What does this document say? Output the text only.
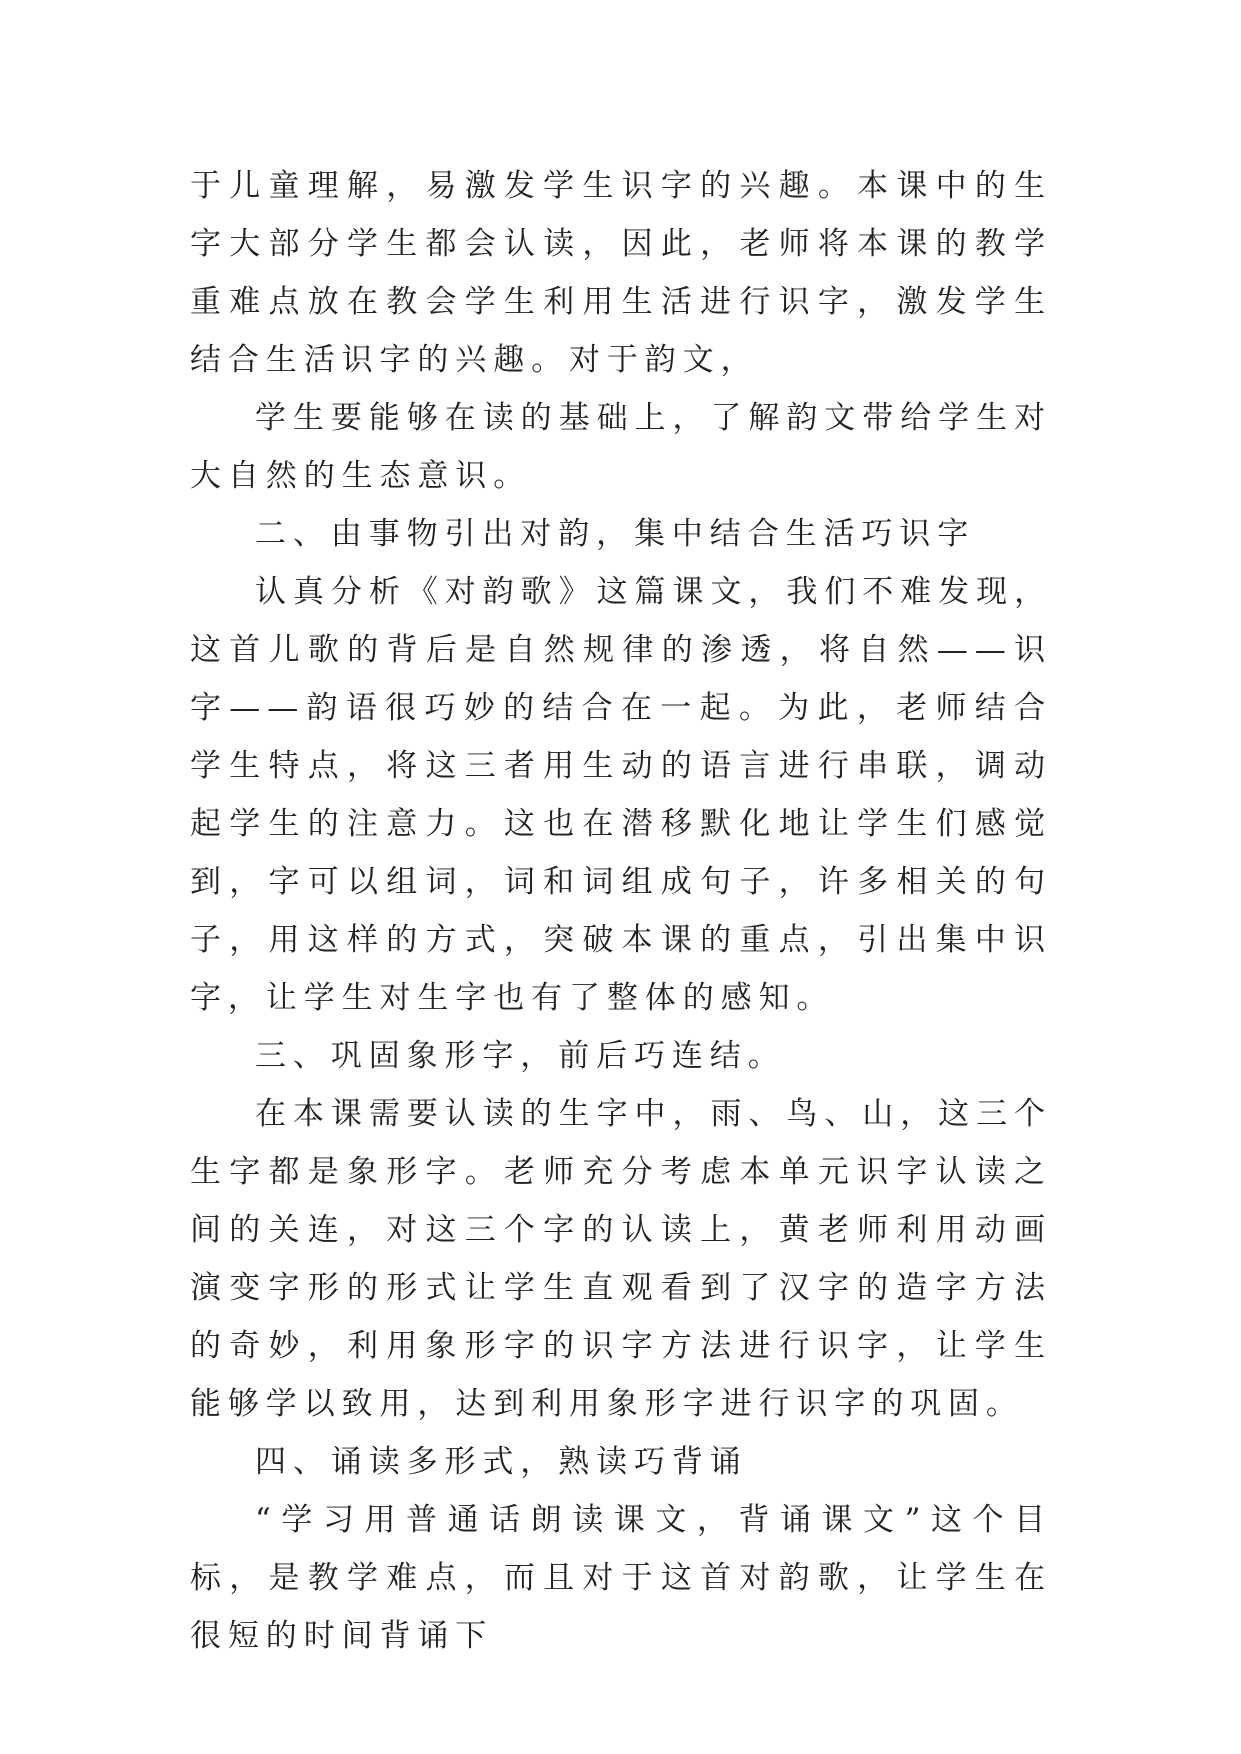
于儿童理解，易激发学生识字的兴趣。本课中的生字大部分学生都会认读，因此，老师将本课的教学重难点放在教会学生利用生活进行识字，激发学生结合生活识字的兴趣。对于韵文，

学生要能够在读的基础上，了解韵文带给学生对大自然的生态意识。

二、由事物引出对韵，集中结合生活巧识字

认真分析《对韵歌》这篇课文，我们不难发现，这首儿歌的背后是自然规律的渗透，将自然——识字——韵语很巧妙的结合在一起。为此，老师结合学生特点，将这三者用生动的语言进行串联，调动起学生的注意力。这也在潜移默化地让学生们感觉到，字可以组词，词和词组成句子，许多相关的句子，用这样的方式，突破本课的重点，引出集中识字，让学生对生字也有了整体的感知。

三、巩固象形字，前后巧连结。

在本课需要认读的生字中，雨、鸟、山，这三个生字都是象形字。老师充分考虑本单元识字认读之间的关连，对这三个字的认读上，黄老师利用动画演变字形的形式让学生直观看到了汉字的造字方法的奇妙，利用象形字的识字方法进行识字，让学生能够学以致用，达到利用象形字进行识字的巩固。

四、诵读多形式，熟读巧背诵

“学习用普通话朗读课文，背诵课文”这个目标，是教学难点，而且对于这首对韵歌，让学生在很短的时间背诵下
